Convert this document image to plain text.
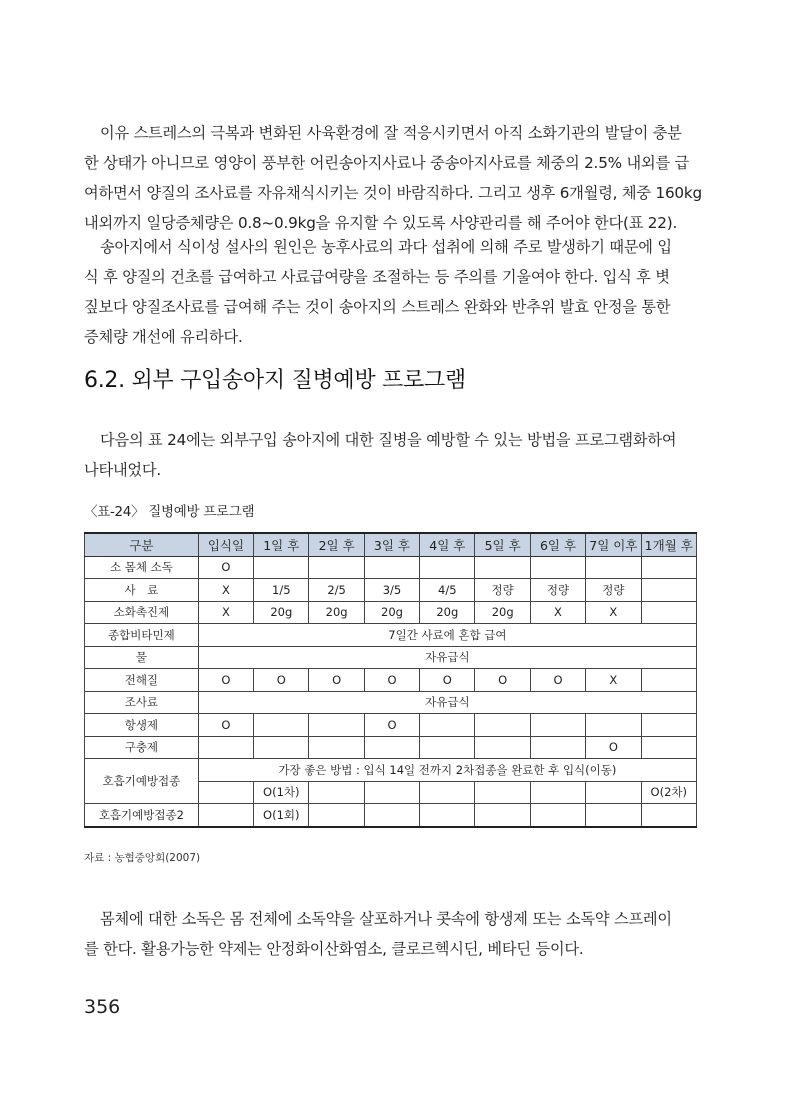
이유 스트레스의 극복과 변화된 사육환경에 잘 적응시키면서 아직 소화기관의 발달이 충분
한 상태가 아니므로 영양이 풍부한 어린송아지사료나 중송아지사료를 체중의 2.5% 내외를 급
여하면서 양질의 조사료를 자유채식시키는 것이 바람직하다. 그리고 생후 6개월령, 체중 160kg
내외까지 일당증체량은 0.8~0.9kg을 유지할 수 있도록 사양관리를 해 주어야 한다(표 22).
송아지에서 식이성 설사의 원인은 농후사료의 과다 섭취에 의해 주로 발생하기 때문에 입
식 후 양질의 건초를 급여하고 사료급여량을 조절하는 등 주의를 기울여야 한다. 입식 후 볏
짚보다 양질조사료를 급여해 주는 것이 송아지의 스트레스 완화와 반추위 발효 안정을 통한
증체량 개선에 유리하다.
6.2. 외부 구입송아지 질병예방 프로그램
다음의 표 24에는 외부구입 송아지에 대한 질병을 예방할 수 있는 방법을 프로그램화하여
나타내었다.
〈표-24〉 질병예방 프로그램
구분	입식일	1일 후	2일 후	3일 후	4일 후	5일 후	6일 후	7일 이후	1개월 후
소 몸체 소독	O								
사　료	X	1/5	2/5	3/5	4/5	정량	정량	정량	
소화촉진제	X	20g	20g	20g	20g	20g	X	X	
종합비타민제	7일간 사료에 혼합 급여								
물	자유급식								
전해질	O	O	O	O	O	O	O	X	
조사료	자유급식								
항생제	O			O					
구충제								O	
호흡기예방접종	가장 좋은 방법 : 입식 14일 전까지 2차접종을 완료한 후 입식(이동)								
		O(1차)							O(2차)
호흡기예방접종2		O(1회)							
자료 : 농협중앙회(2007)
몸체에 대한 소독은 몸 전체에 소독약을 살포하거나 콧속에 항생제 또는 소독약 스프레이
를 한다. 활용가능한 약제는 안정화이산화염소, 클로르헥시딘, 베타딘 등이다.
356
